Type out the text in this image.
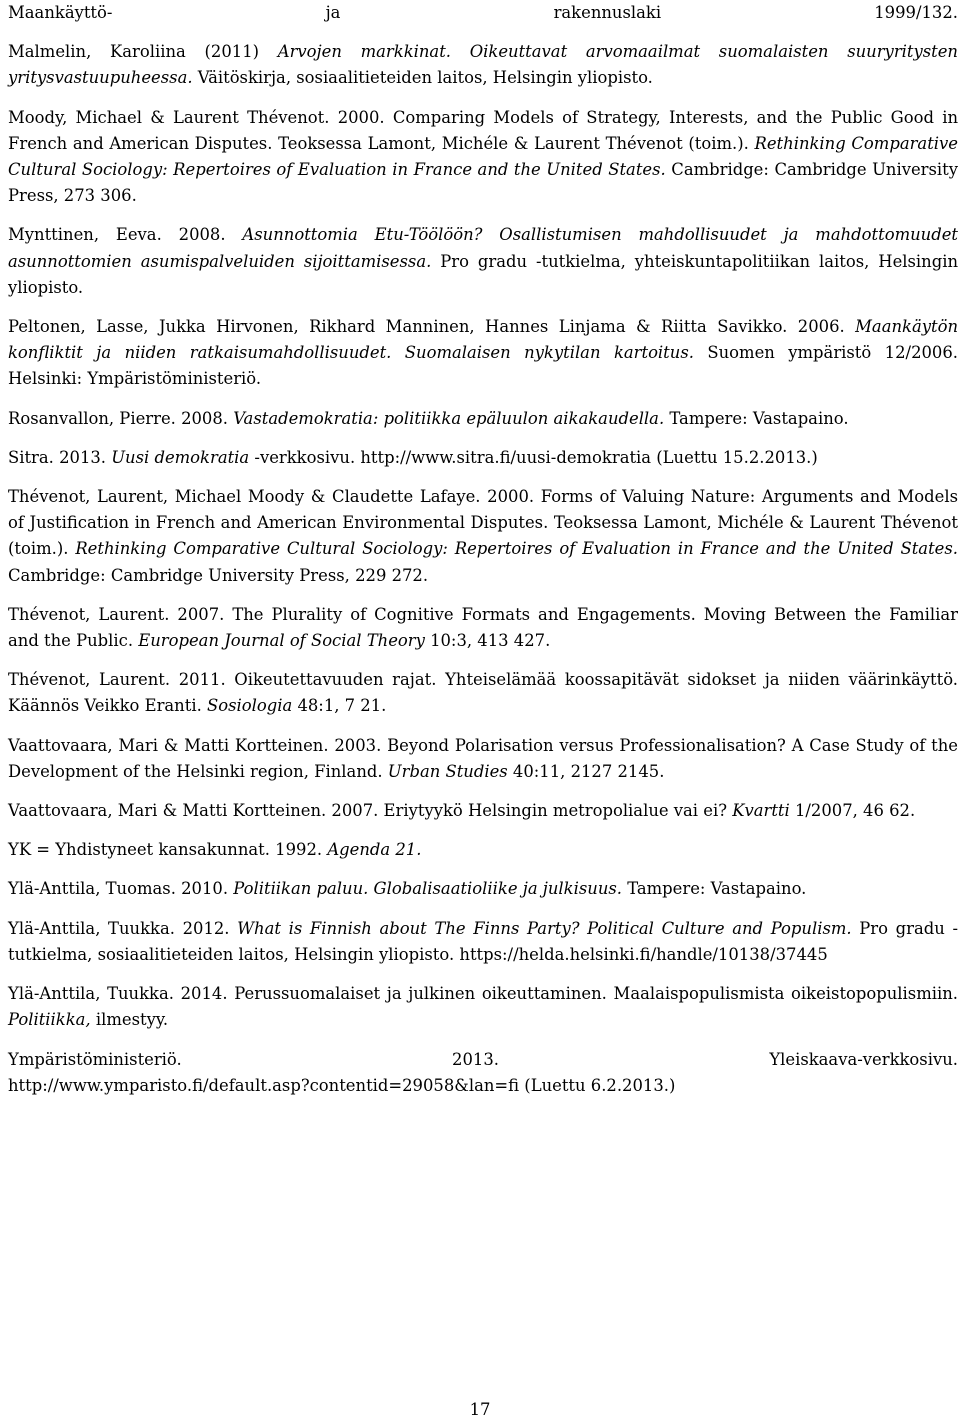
Maankäyttö-	ja	rakennuslaki	1999/132.
Malmelin, Karoliina (2011) Arvojen markkinat. Oikeuttavat arvomaailmat suomalaisten suuryritysten yritysvastuupuheessa. Väitöskirja, sosiaalitieteiden laitos, Helsingin yliopisto.
Moody, Michael & Laurent Thévenot. 2000. Comparing Models of Strategy, Interests, and the Public Good in French and American Disputes. Teoksessa Lamont, Michéle & Laurent Thévenot (toim.). Rethinking Comparative Cultural Sociology: Repertoires of Evaluation in France and the United States. Cambridge: Cambridge University Press, 273 306.
Mynttinen, Eeva. 2008. Asunnottomia Etu-Töölöön? Osallistumisen mahdollisuudet ja mahdottomuudet asunnottomien asumispalveluiden sijoittamisessa. Pro gradu -tutkielma, yhteiskuntapolitiikan laitos, Helsingin yliopisto.
Peltonen, Lasse, Jukka Hirvonen, Rikhard Manninen, Hannes Linjama & Riitta Savikko. 2006. Maankäytön konfliktit ja niiden ratkaisumahdollisuudet. Suomalaisen nykytilan kartoitus. Suomen ympäristö 12/2006. Helsinki: Ympäristöministeriö.
Rosanvallon, Pierre. 2008. Vastademokratia: politiikka epäluulon aikakaudella. Tampere: Vastapaino.
Sitra. 2013. Uusi demokratia -verkkosivu. http://www.sitra.fi/uusi-demokratia (Luettu 15.2.2013.)
Thévenot, Laurent, Michael Moody & Claudette Lafaye. 2000. Forms of Valuing Nature: Arguments and Models of Justification in French and American Environmental Disputes. Teoksessa Lamont, Michéle & Laurent Thévenot (toim.). Rethinking Comparative Cultural Sociology: Repertoires of Evaluation in France and the United States. Cambridge: Cambridge University Press, 229 272.
Thévenot, Laurent. 2007. The Plurality of Cognitive Formats and Engagements. Moving Between the Familiar and the Public. European Journal of Social Theory 10:3, 413 427.
Thévenot, Laurent. 2011. Oikeutettavuuden rajat. Yhteiselämää koossapitävät sidokset ja niiden väärinkäyttö. Käännös Veikko Eranti. Sosiologia 48:1, 7 21.
Vaattovaara, Mari & Matti Kortteinen. 2003. Beyond Polarisation versus Professionalisation? A Case Study of the Development of the Helsinki region, Finland. Urban Studies 40:11, 2127 2145.
Vaattovaara, Mari & Matti Kortteinen. 2007. Eriytyykö Helsingin metropolialue vai ei? Kvartti 1/2007, 46 62.
YK = Yhdistyneet kansakunnat. 1992. Agenda 21.
Ylä-Anttila, Tuomas. 2010. Politiikan paluu. Globalisaatioliike ja julkisuus. Tampere: Vastapaino.
Ylä-Anttila, Tuukka. 2012. What is Finnish about The Finns Party? Political Culture and Populism. Pro gradu - tutkielma, sosiaalitieteiden laitos, Helsingin yliopisto. https://helda.helsinki.fi/handle/10138/37445
Ylä-Anttila, Tuukka. 2014. Perussuomalaiset ja julkinen oikeuttaminen. Maalaispopulismista oikeistopopulismiin. Politiikka, ilmestyy.
Ympäristöministeriö.	2013.	Yleiskaava-verkkosivu.
http://www.ymparisto.fi/default.asp?contentid=29058&lan=fi (Luettu 6.2.2013.)
17
